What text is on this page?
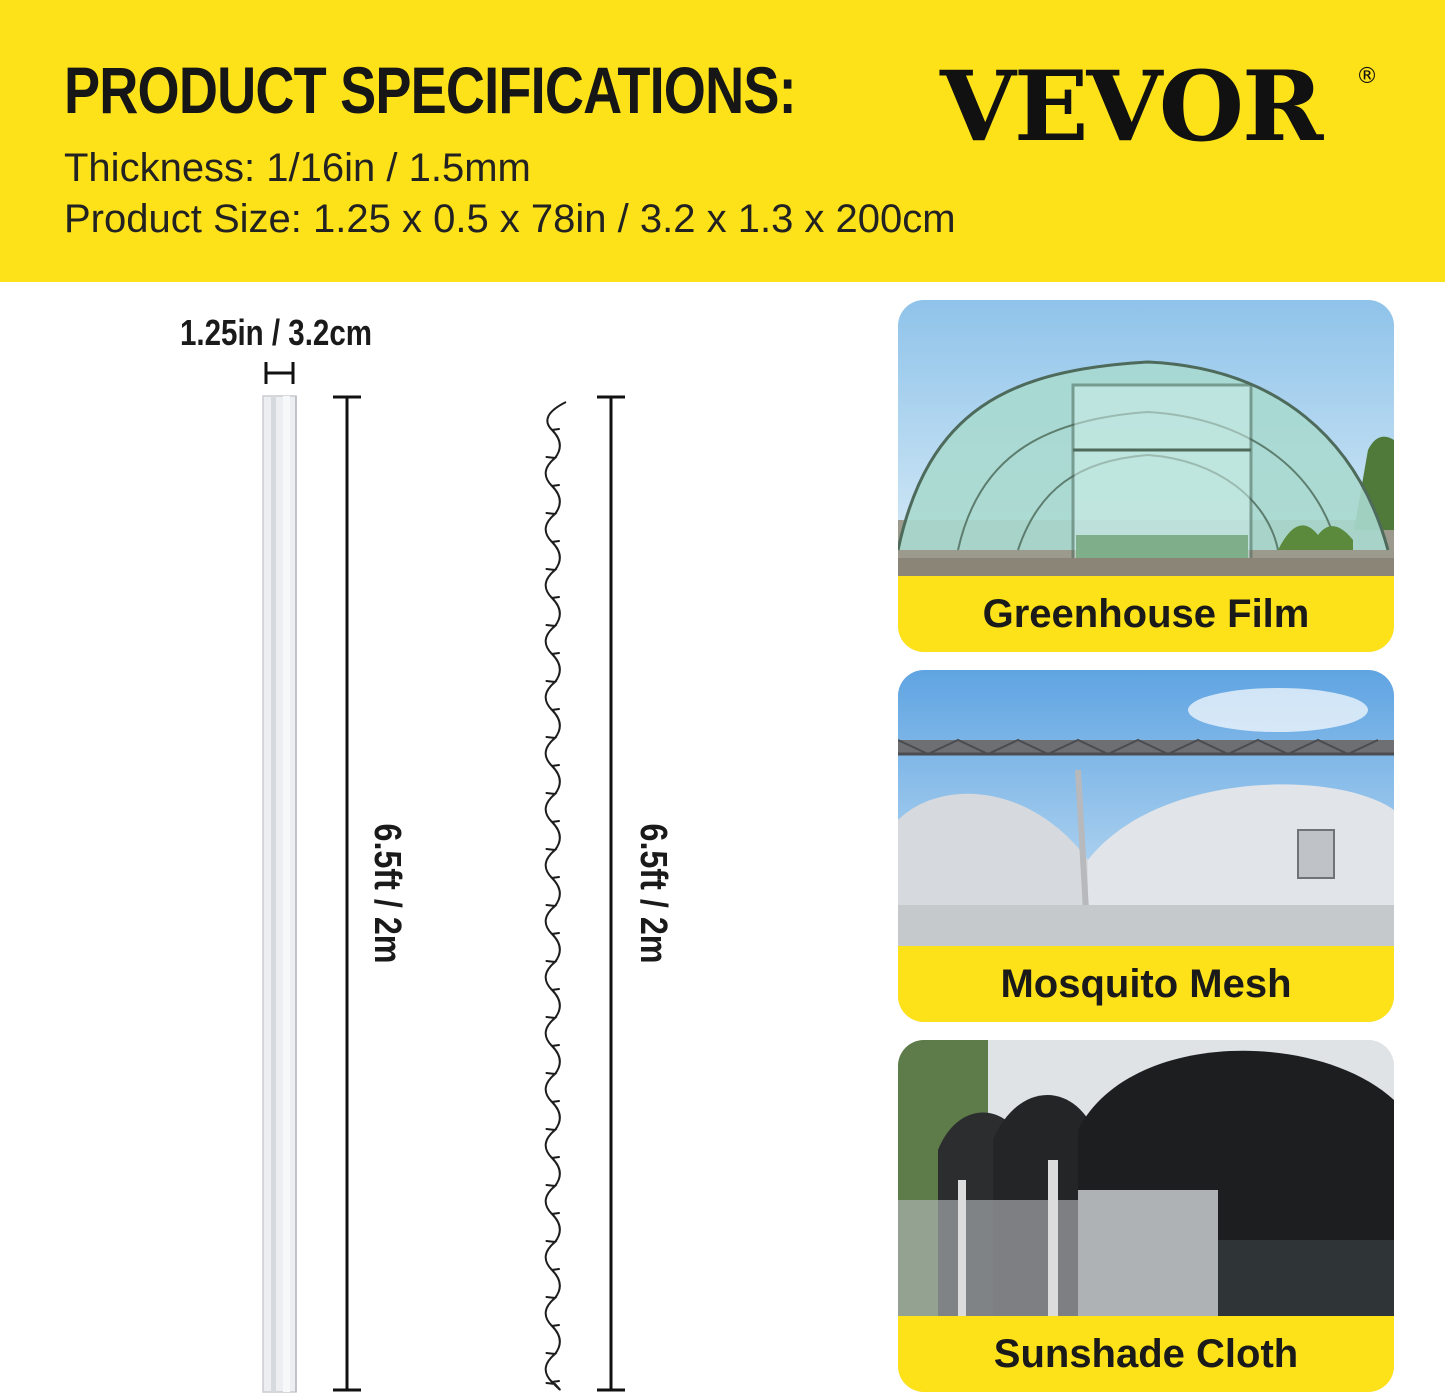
PRODUCT SPECIFICATIONS:
Thickness: 1/16in / 1.5mm
Product Size: 1.25 x 0.5 x 78in / 3.2 x 1.3 x 200cm
VEVOR ®
1.25in / 3.2cm
6.5ft / 2m	6.5ft / 2m
Greenhouse Film
Mosquito Mesh
Sunshade Cloth
